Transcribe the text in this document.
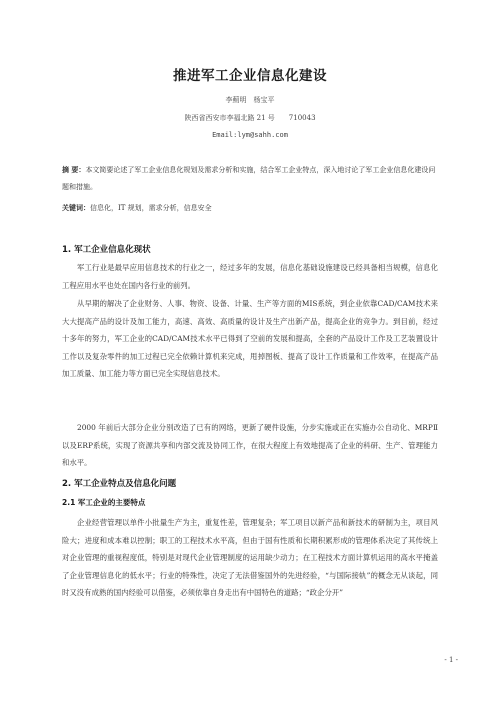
推进军工企业信息化建设
李薊明　杨宝平
陕西省西安市李福北路 21 号　　710043
Email:lym@sahh.com
摘 要：本文简要论述了军工企业信息化规划及需求分析和实施，结合军工企业特点，深入地讨论了军工企业信息化建设问题和措施。
关键词：信息化，IT 规划，需求分析，信息安全
1. 军工企业信息化现状

军工行业是最早应用信息技术的行业之一，经过多年的发展，信息化基础设施建设已经具备相当规模，信息化工程应用水平也处在国内各行业的前列。

从早期的解决了企业财务、人事、物资、设备、计量、生产等方面的MIS系统，到企业依靠CAD/CAM技术来大大提高产品的设计及加工能力，高速、高效、高质量的设计及生产出新产品，提高企业的竞争力。到目前，经过十多年的努力，军工企业的CAD/CAM技术水平已得到了空前的发展和提高，全套的产品设计工作及工艺装置设计工作以及复杂零件的加工过程已完全依赖计算机来完成，甩掉图板、提高了设计工作质量和工作效率，在提高产品加工质量、加工能力等方面已完全实现信息技术。

2000 年前后大部分企业分别改造了已有的网络，更新了硬件设施，分步实施或正在实施办公自动化、MRPⅡ以及ERP系统，实现了资源共享和内部交流及协同工作，在很大程度上有效地提高了企业的科研、生产、管理能力和水平。

2. 军工企业特点及信息化问题
2.1 军工企业的主要特点

企业经营管理以单件小批量生产为主，重复性差，管理复杂；军工项目以新产品和新技术的研制为主，项目风险大；进度和成本难以控制；职工的工程技术水平高，但由于国有性质和长期积累形成的管理体系决定了其传统上对企业管理的重视程度低，特别是对现代企业管理制度的运用缺少动力；在工程技术方面计算机运用的高水平掩盖了企业管理信息化的低水平；行业的特殊性，决定了无法借鉴国外的先进经验，“与国际接轨”的概念无从谈起，同时又没有成熟的国内经验可以借鉴，必须依靠自身走出有中国特色的道路；“政企分开”

- 1 -
